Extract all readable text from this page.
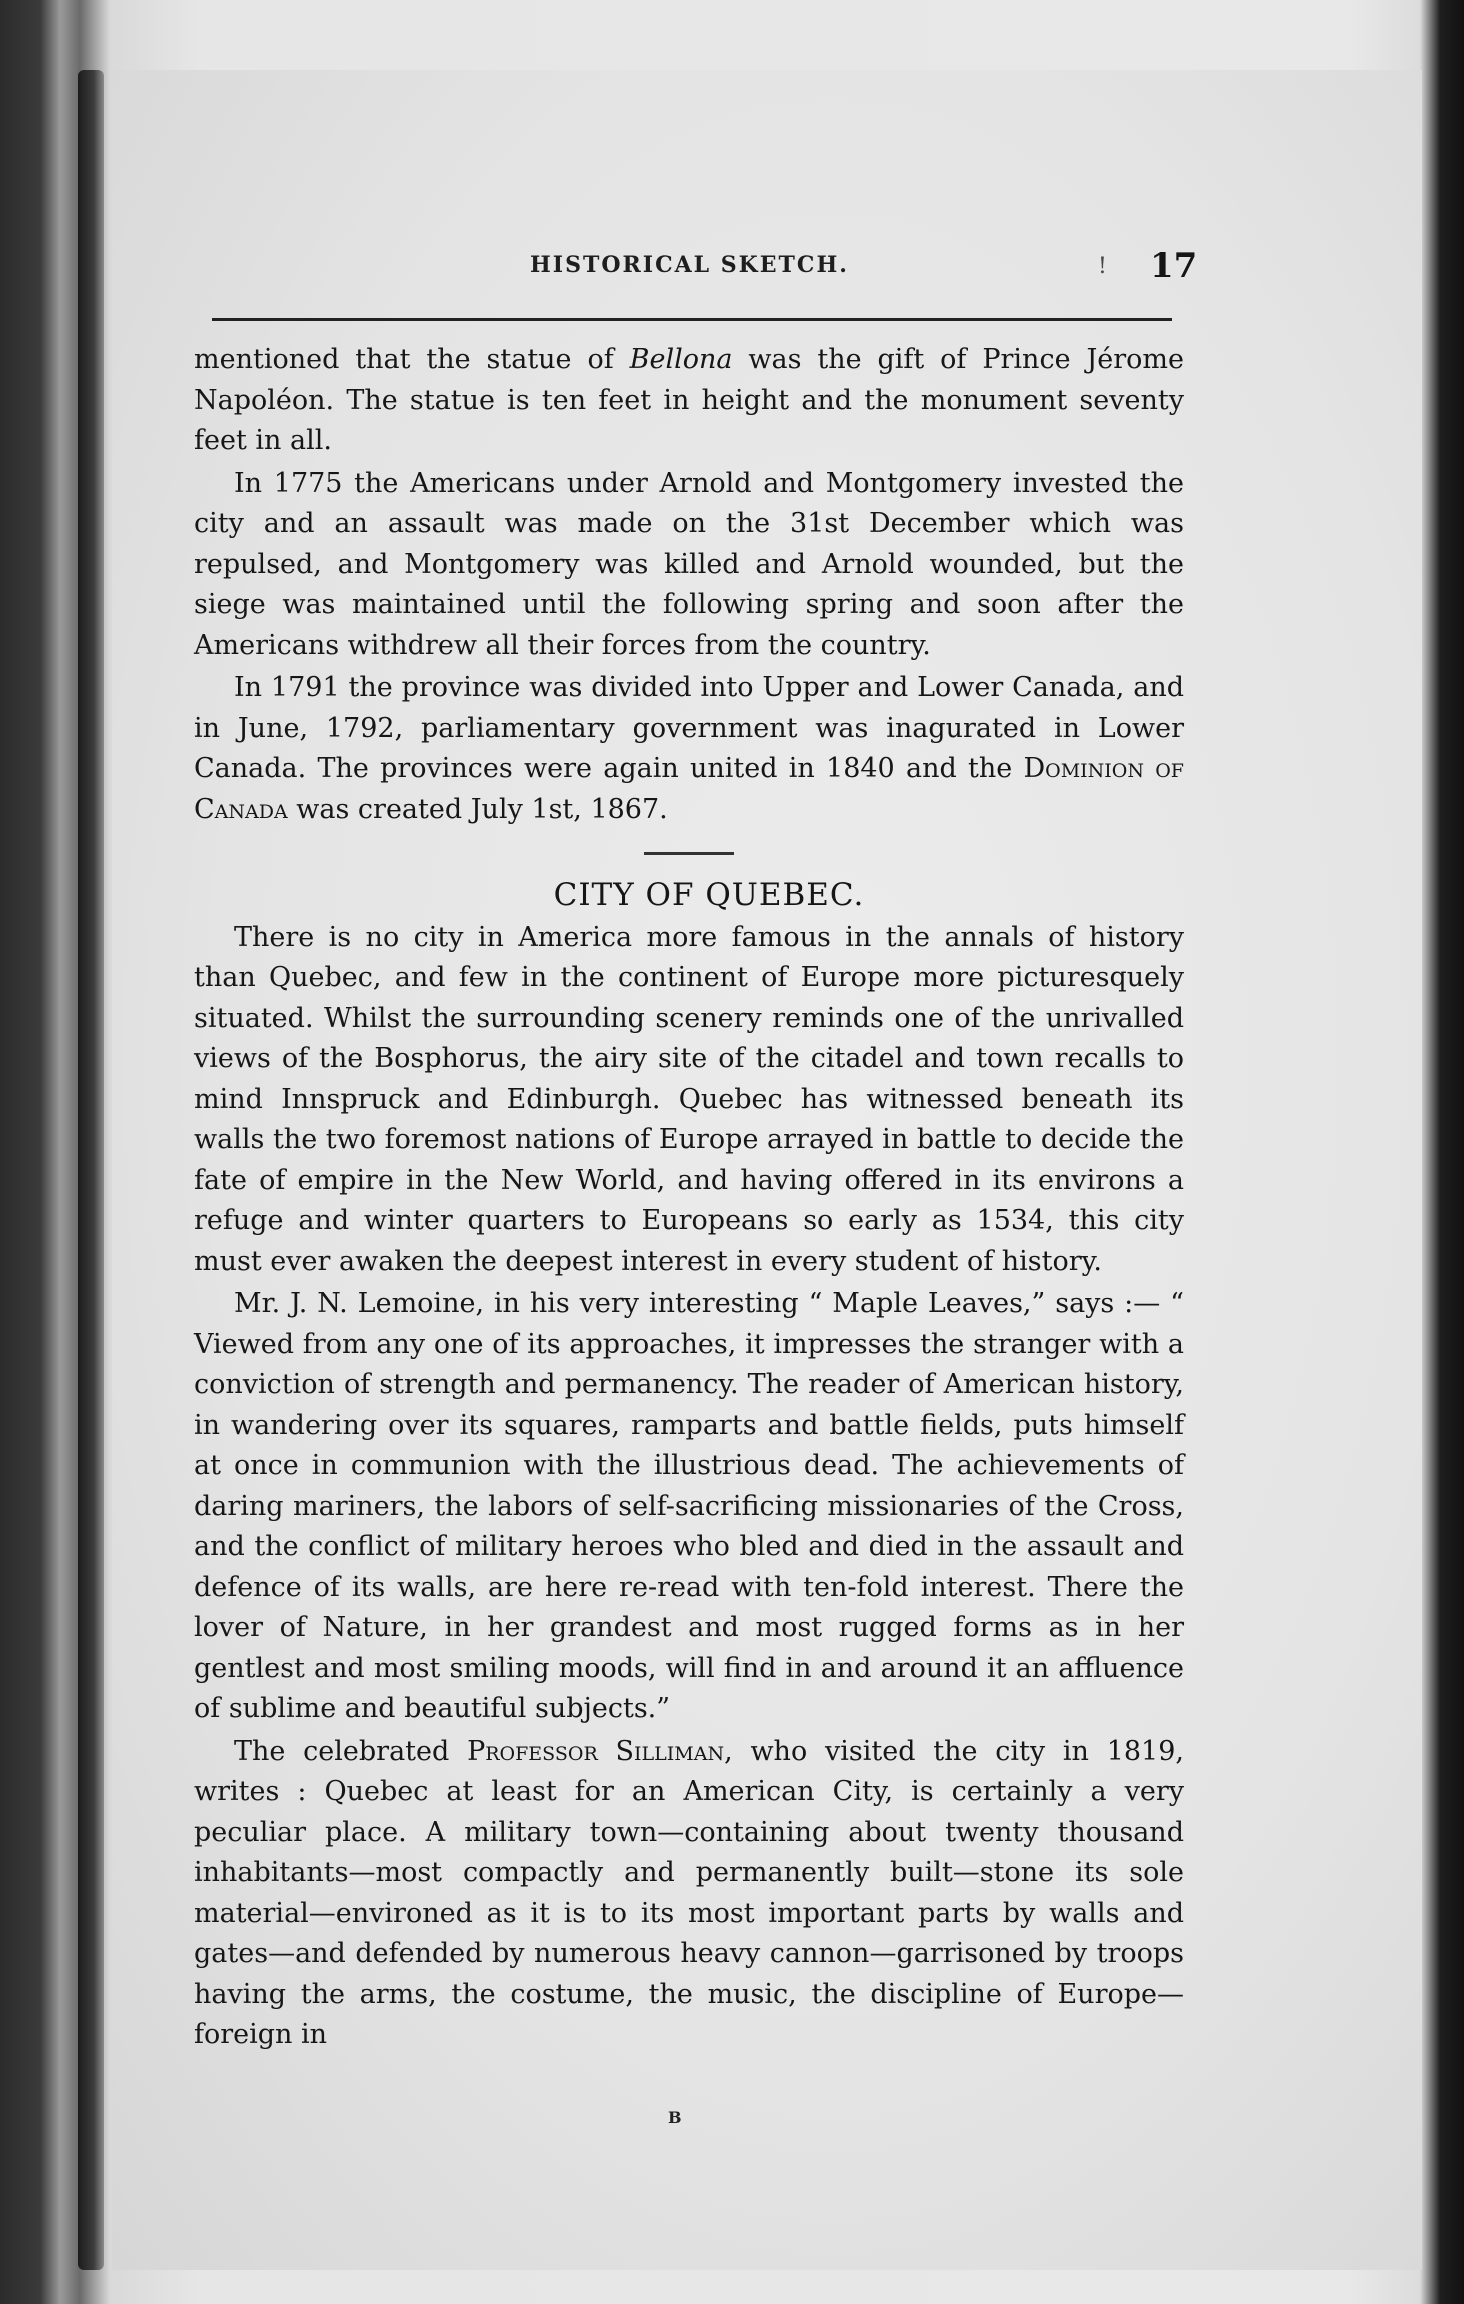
HISTORICAL SKETCH.	! 17

mentioned that the statue of Bellona was the gift of Prince Jérome Napoléon. The statue is ten feet in height and the monument seventy feet in all.

In 1775 the Americans under Arnold and Montgomery invested the city and an assault was made on the 31st December which was repulsed, and Montgomery was killed and Arnold wounded, but the siege was maintained until the following spring and soon after the Americans withdrew all their forces from the country.

In 1791 the province was divided into Upper and Lower Canada, and in June, 1792, parliamentary government was inagurated in Lower Canada. The provinces were again united in 1840 and the Dominion of Canada was created July 1st, 1867.

CITY OF QUEBEC.

There is no city in America more famous in the annals of history than Quebec, and few in the continent of Europe more picturesquely situated. Whilst the surrounding scenery reminds one of the unrivalled views of the Bosphorus, the airy site of the citadel and town recalls to mind Innspruck and Edinburgh. Quebec has witnessed beneath its walls the two foremost nations of Europe arrayed in battle to decide the fate of empire in the New World, and having offered in its environs a refuge and winter quarters to Europeans so early as 1534, this city must ever awaken the deepest interest in every student of history.

Mr. J. N. Lemoine, in his very interesting “ Maple Leaves,” says :— “ Viewed from any one of its approaches, it impresses the stranger with a conviction of strength and permanency. The reader of American history, in wandering over its squares, ramparts and battle fields, puts himself at once in communion with the illustrious dead. The achievements of daring mariners, the labors of self-sacrificing missionaries of the Cross, and the conflict of military heroes who bled and died in the assault and defence of its walls, are here re-read with ten-fold interest. There the lover of Nature, in her grandest and most rugged forms as in her gentlest and most smiling moods, will find in and around it an affluence of sublime and beautiful subjects.”

The celebrated Professor Silliman, who visited the city in 1819, writes : Quebec at least for an American City, is certainly a very peculiar place. A military town—containing about twenty thousand inhabitants—most compactly and permanently built—stone its sole material—environed as it is to its most important parts by walls and gates—and defended by numerous heavy cannon—garrisoned by troops having the arms, the costume, the music, the discipline of Europe—foreign in

B
